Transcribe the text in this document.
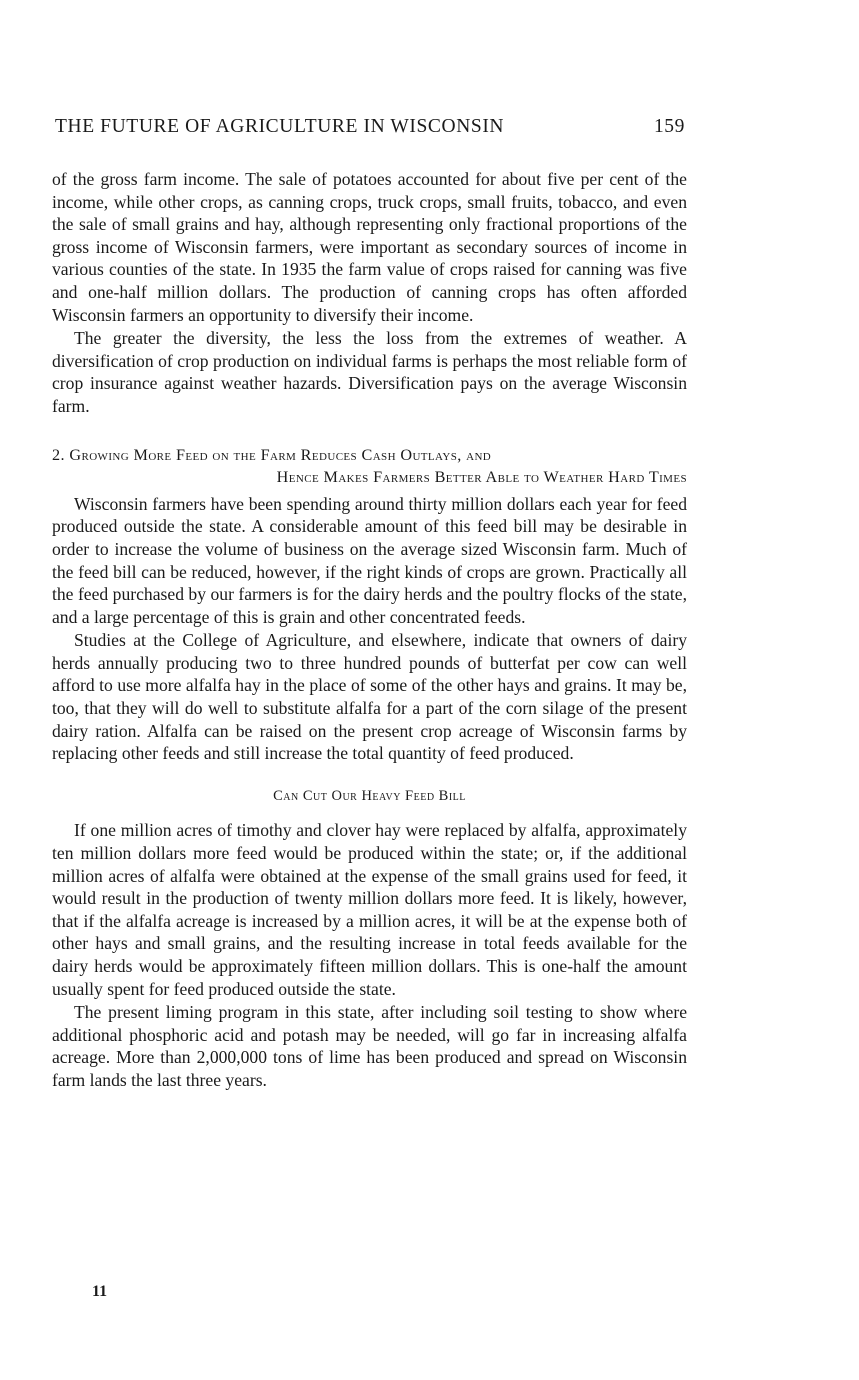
THE FUTURE OF AGRICULTURE IN WISCONSIN	159

of the gross farm income. The sale of potatoes accounted for about five per cent of the income, while other crops, as canning crops, truck crops, small fruits, tobacco, and even the sale of small grains and hay, although representing only fractional proportions of the gross income of Wisconsin farmers, were important as secondary sources of income in various counties of the state. In 1935 the farm value of crops raised for canning was five and one-half million dollars. The production of canning crops has often afforded Wisconsin farmers an opportunity to diversify their income.

The greater the diversity, the less the loss from the extremes of weather. A diversification of crop production on individual farms is perhaps the most reliable form of crop insurance against weather hazards. Diversification pays on the average Wisconsin farm.

2. Growing More Feed on the Farm Reduces Cash Outlays, and
Hence Makes Farmers Better Able to Weather Hard Times

Wisconsin farmers have been spending around thirty million dollars each year for feed produced outside the state. A considerable amount of this feed bill may be desirable in order to increase the volume of business on the average sized Wisconsin farm. Much of the feed bill can be reduced, however, if the right kinds of crops are grown. Practically all the feed purchased by our farmers is for the dairy herds and the poultry flocks of the state, and a large percentage of this is grain and other concentrated feeds.

Studies at the College of Agriculture, and elsewhere, indicate that owners of dairy herds annually producing two to three hundred pounds of butterfat per cow can well afford to use more alfalfa hay in the place of some of the other hays and grains. It may be, too, that they will do well to substitute alfalfa for a part of the corn silage of the present dairy ration. Alfalfa can be raised on the present crop acreage of Wisconsin farms by replacing other feeds and still increase the total quantity of feed produced.

Can Cut Our Heavy Feed Bill

If one million acres of timothy and clover hay were replaced by alfalfa, approximately ten million dollars more feed would be produced within the state; or, if the additional million acres of alfalfa were obtained at the expense of the small grains used for feed, it would result in the production of twenty million dollars more feed. It is likely, however, that if the alfalfa acreage is increased by a million acres, it will be at the expense both of other hays and small grains, and the resulting increase in total feeds available for the dairy herds would be approximately fifteen million dollars. This is one-half the amount usually spent for feed produced outside the state.

The present liming program in this state, after including soil testing to show where additional phosphoric acid and potash may be needed, will go far in increasing alfalfa acreage. More than 2,000,000 tons of lime has been produced and spread on Wisconsin farm lands the last three years.

11
